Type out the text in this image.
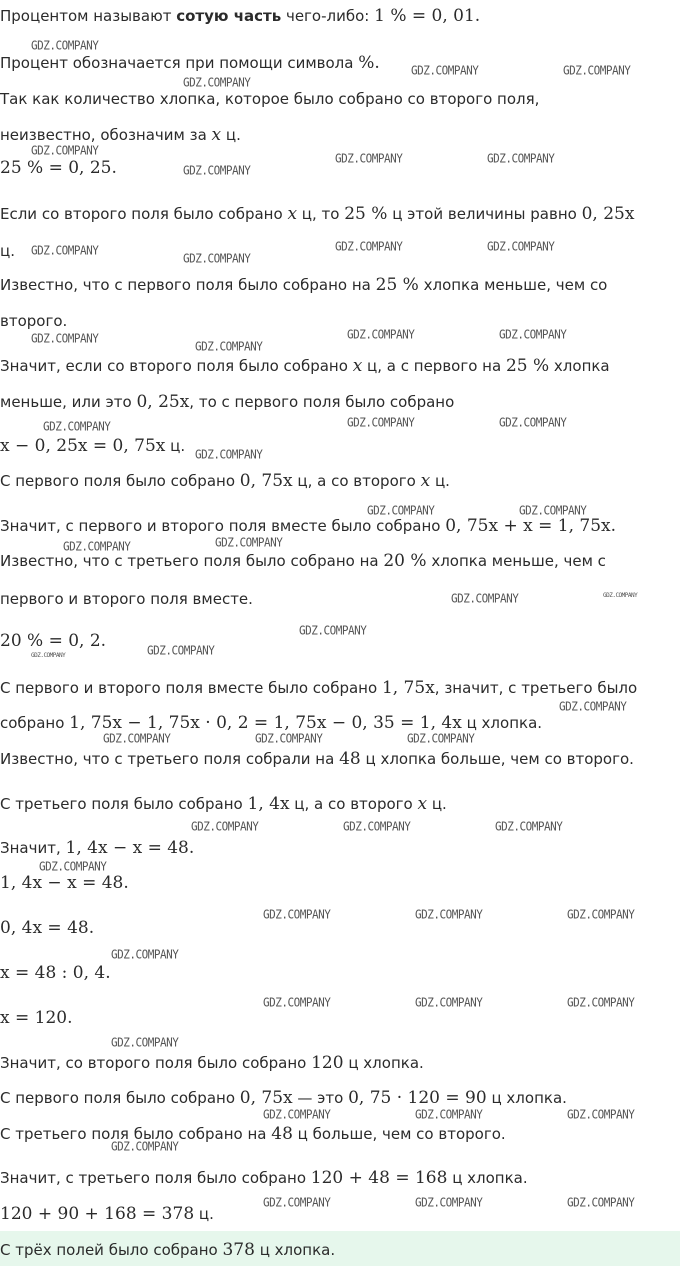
Процентом называют сотую часть чего-либо: 1 % = 0, 01.
Процент обозначается при помощи символа %.
Так как количество хлопка, которое было собрано со второго поля,
неизвестно, обозначим за x ц.
25 % = 0, 25.
Если со второго поля было собрано x ц, то 25 % ц этой величины равно 0, 25x
ц.
Известно, что с первого поля было собрано на 25 % хлопка меньше, чем со
второго.
Значит, если со второго поля было собрано x ц, а с первого на 25 % хлопка
меньше, или это 0, 25x, то с первого поля было собрано
x − 0, 25x = 0, 75x ц.
С первого поля было собрано 0, 75x ц, а со второго x ц.
Значит, с первого и второго поля вместе было собрано 0, 75x + x = 1, 75x.
Известно, что с третьего поля было собрано на 20 % хлопка меньше, чем с
первого и второго поля вместе.
20 % = 0, 2.
С первого и второго поля вместе было собрано 1, 75x, значит, с третьего было
собрано 1, 75x − 1, 75x · 0, 2 = 1, 75x − 0, 35 = 1, 4x ц хлопка.
Известно, что с третьего поля собрали на 48 ц хлопка больше, чем со второго.
С третьего поля было собрано 1, 4x ц, а со второго x ц.
Значит, 1, 4x − x = 48.
1, 4x − x = 48.
0, 4x = 48.
x = 48 : 0, 4.
x = 120.
Значит, со второго поля было собрано 120 ц хлопка.
С первого поля было собрано 0, 75x — это 0, 75 · 120 = 90 ц хлопка.
С третьего поля было собрано на 48 ц больше, чем со второго.
Значит, с третьего поля было собрано 120 + 48 = 168 ц хлопка.
120 + 90 + 168 = 378 ц.
С трёх полей было собрано 378 ц хлопка.
GDZ.COMPANY
GDZ.COMPANY	GDZ.COMPANY
GDZ.COMPANY
GDZ.COMPANY
GDZ.COMPANY	GDZ.COMPANY
GDZ.COMPANY
GDZ.COMPANY	GDZ.COMPANY	GDZ.COMPANY
GDZ.COMPANY
GDZ.COMPANY	GDZ.COMPANY	GDZ.COMPANY
GDZ.COMPANY
GDZ.COMPANY	GDZ.COMPANY	GDZ.COMPANY
GDZ.COMPANY
GDZ.COMPANY	GDZ.COMPANY
GDZ.COMPANY
GDZ.COMPANY
GDZ.COMPANY	GDZ.COMPANY
GDZ.COMPANY
GDZ.COMPANY
GDZ.COMPANY
GDZ.COMPANY
GDZ.COMPANY	GDZ.COMPANY	GDZ.COMPANY
GDZ.COMPANY	GDZ.COMPANY	GDZ.COMPANY
GDZ.COMPANY
GDZ.COMPANY	GDZ.COMPANY	GDZ.COMPANY
GDZ.COMPANY
GDZ.COMPANY	GDZ.COMPANY	GDZ.COMPANY
GDZ.COMPANY
GDZ.COMPANY	GDZ.COMPANY	GDZ.COMPANY
GDZ.COMPANY
GDZ.COMPANY	GDZ.COMPANY	GDZ.COMPANY
